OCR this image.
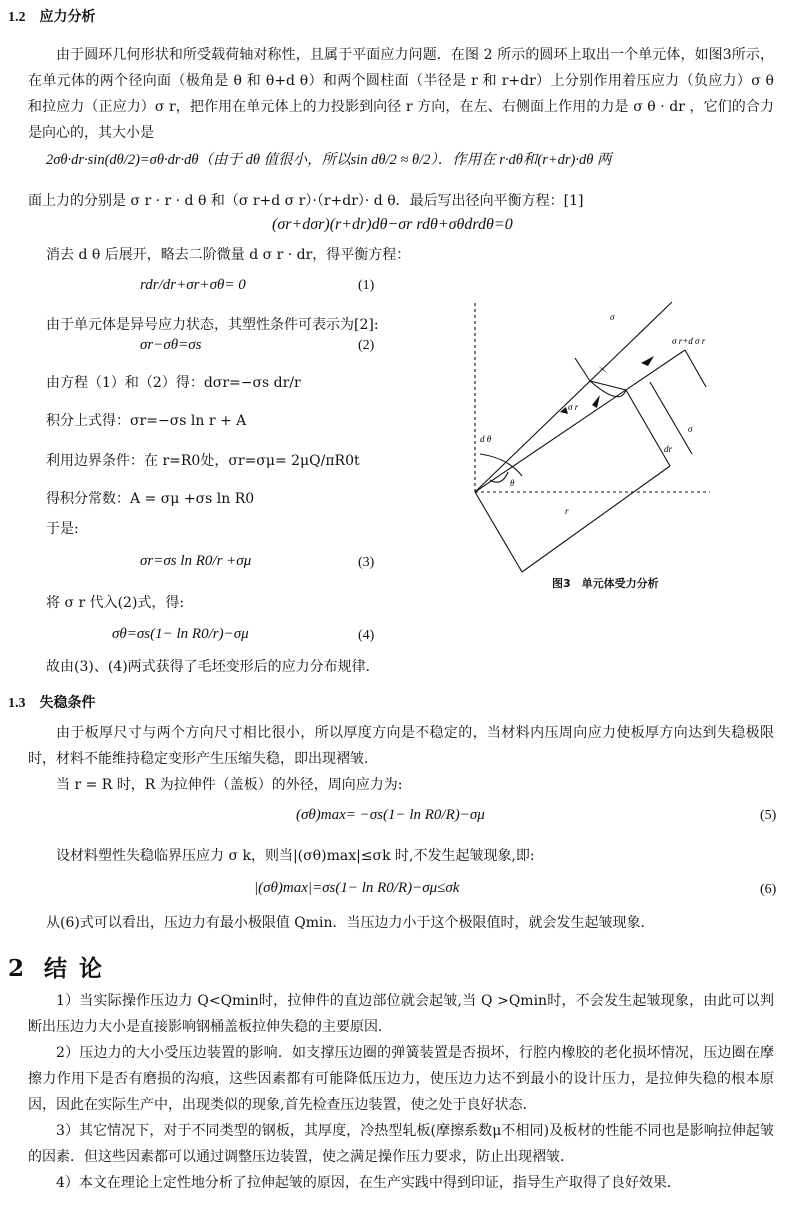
1.2 应力分析
由于圆环几何形状和所受载荷轴对称性，且属于平面应力问题．在图 2 所示的圆环上取出一个单元体，如图3所示，在单元体的两个径向面（极角是 θ 和 θ+d θ）和两个圆柱面（半径是 r 和 r+dr）上分别作用着压应力（负应力）σ θ 和拉应力（正应力）σ r，把作用在单元体上的力投影到向径 r 方向，在左、右侧面上作用的力是 σ θ · dr ，它们的合力是向心的，其大小是
2σθ·dr·sin(dθ/2)=σθ·dr·dθ（由于 dθ 值很小，所以sin dθ/2 ≈ θ/2）．作用在 r·dθ和(r+dr)·dθ 两
面上力的分别是 σ r · r · d θ 和（σ r+d σ r）·（r+dr）· d θ．最后写出径向平衡方程：[1]
(σr+dσr)(r+dr)dθ−σr rdθ+σθdrdθ=0
消去 d θ 后展开，略去二阶微量 d σ r · dr，得平衡方程：
rdr/dr+σr+σθ= 0	(1)
由于单元体是异号应力状态，其塑性条件可表示为[2]:
σr−σθ=σs	(2)
由方程（1）和（2）得：dσr=−σs dr/r
积分上式得：σr=−σs ln r + A
利用边界条件：在 r=R0处，σr=σμ= 2μQ/πR0t
得积分常数：A = σμ +σs ln R0
于是:
σr=σs ln R0/r +σμ	(3)
将 σ r 代入(2)式，得:
σθ=σs(1− ln R0/r)−σμ	(4)
故由(3)、(4)两式获得了毛坯变形后的应力分布规律．
σ
σ r+d σ r
σ r
d θ
θ
σ
dr
r
图3　单元体受力分析
1.3 失稳条件
由于板厚尺寸与两个方向尺寸相比很小，所以厚度方向是不稳定的，当材料内压周向应力使板厚方向达到失稳极限时，材料不能维持稳定变形产生压缩失稳，即出现褶皱．
当 r = R 时，R 为拉伸件（盖板）的外径，周向应力为:
(σθ)max= −σs(1− ln R0/R)−σμ	(5)
设材料塑性失稳临界压应力 σ k，则当|(σθ)max|≤σk 时,不发生起皱现象,即:
|(σθ)max|=σs(1− ln R0/R)−σμ≤σk	(6)
从(6)式可以看出，压边力有最小极限值 Qmin．当压边力小于这个极限值时，就会发生起皱现象．
2 结 论
1）当实际操作压边力 Q<Qmin时，拉伸件的直边部位就会起皱,当 Q >Qmin时，不会发生起皱现象，由此可以判断出压边力大小是直接影响钢桶盖板拉伸失稳的主要原因．
2）压边力的大小受压边装置的影响．如支撑压边圈的弹簧装置是否损坏，行腔内橡胶的老化损坏情况，压边圈在摩擦力作用下是否有磨损的沟痕，这些因素都有可能降低压边力，使压边力达不到最小的设计压力，是拉伸失稳的根本原因，因此在实际生产中，出现类似的现象,首先检查压边装置，使之处于良好状态．
3）其它情况下，对于不同类型的钢板，其厚度，冷热型轧板(摩擦系数μ不相同)及板材的性能不同也是影响拉伸起皱的因素．但这些因素都可以通过调整压边装置，使之满足操作压力要求，防止出现褶皱．
4）本文在理论上定性地分析了拉伸起皱的原因，在生产实践中得到印证，指导生产取得了良好效果．
